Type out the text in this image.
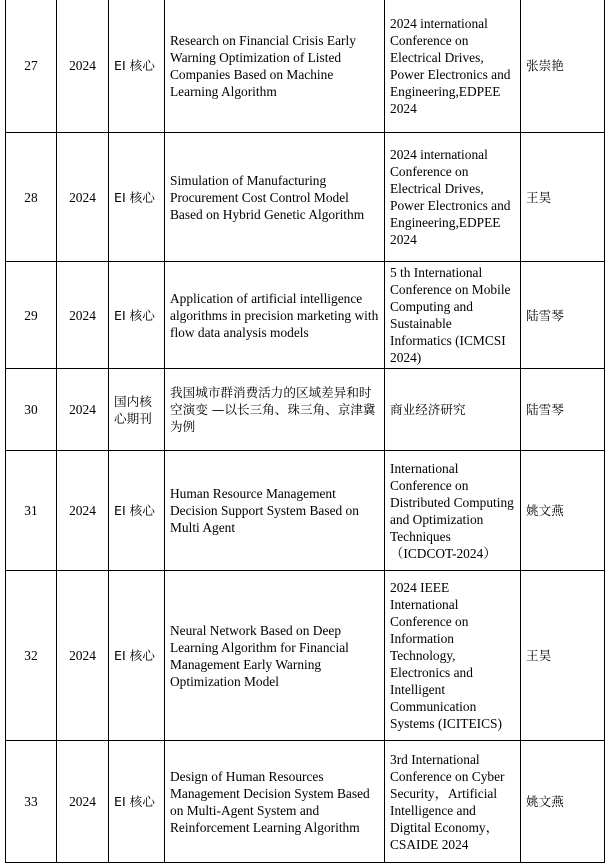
27	2024	EI 核心	Research on Financial Crisis Early Warning Optimization of Listed Companies Based on Machine Learning Algorithm	2024 international Conference on Electrical Drives, Power Electronics and Engineering,EDPEE 2024	张崇艳
28	2024	EI 核心	Simulation of Manufacturing Procurement Cost Control Model Based on Hybrid Genetic Algorithm	2024 international Conference on Electrical Drives, Power Electronics and Engineering,EDPEE 2024	王昊
29	2024	EI 核心	Application of artificial intelligence algorithms in precision marketing with flow data analysis models	5 th International Conference on Mobile Computing and Sustainable Informatics (ICMCSI 2024)	陆雪琴
30	2024	国内核心期刊	我国城市群消费活力的区域差异和时空演变 —以长三角、珠三角、京津冀为例	商业经济研究	陆雪琴
31	2024	EI 核心	Human Resource Management Decision Support System Based on Multi Agent	International Conference on Distributed Computing and Optimization Techniques （ICDCOT-2024）	姚文燕
32	2024	EI 核心	Neural Network Based on Deep Learning Algorithm for Financial Management Early Warning Optimization Model	2024 IEEE International Conference on Information Technology, Electronics and Intelligent Communication Systems (ICITEICS)	王昊
33	2024	EI 核心	Design of Human Resources Management Decision System Based on Multi-Agent System and Reinforcement Learning Algorithm	3rd International Conference on Cyber Security，Artificial Intelligence and Digtital Economy，CSAIDE 2024	姚文燕
